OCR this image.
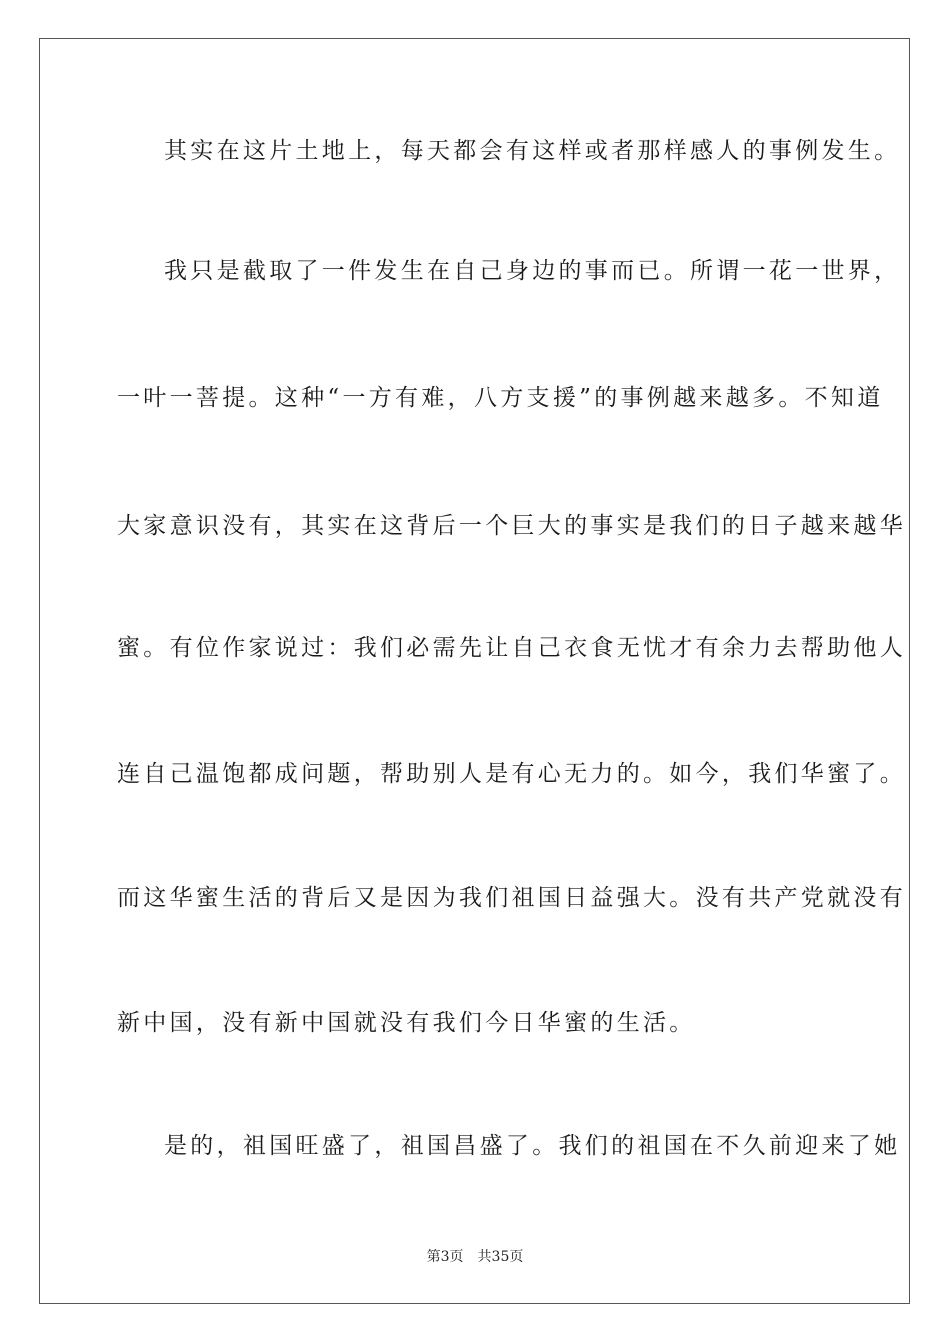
其实在这片土地上，每天都会有这样或者那样感人的事例发生。
我只是截取了一件发生在自己身边的事而已。所谓一花一世界，
一叶一菩提。这种“一方有难，八方支援”的事例越来越多。不知道
大家意识没有，其实在这背后一个巨大的事实是我们的日子越来越华
蜜。有位作家说过：我们必需先让自己衣食无忧才有余力去帮助他人
连自己温饱都成问题，帮助别人是有心无力的。如今，我们华蜜了。
而这华蜜生活的背后又是因为我们祖国日益强大。没有共产党就没有
新中国，没有新中国就没有我们今日华蜜的生活。
是的，祖国旺盛了，祖国昌盛了。我们的祖国在不久前迎来了她
第3页 共35页
